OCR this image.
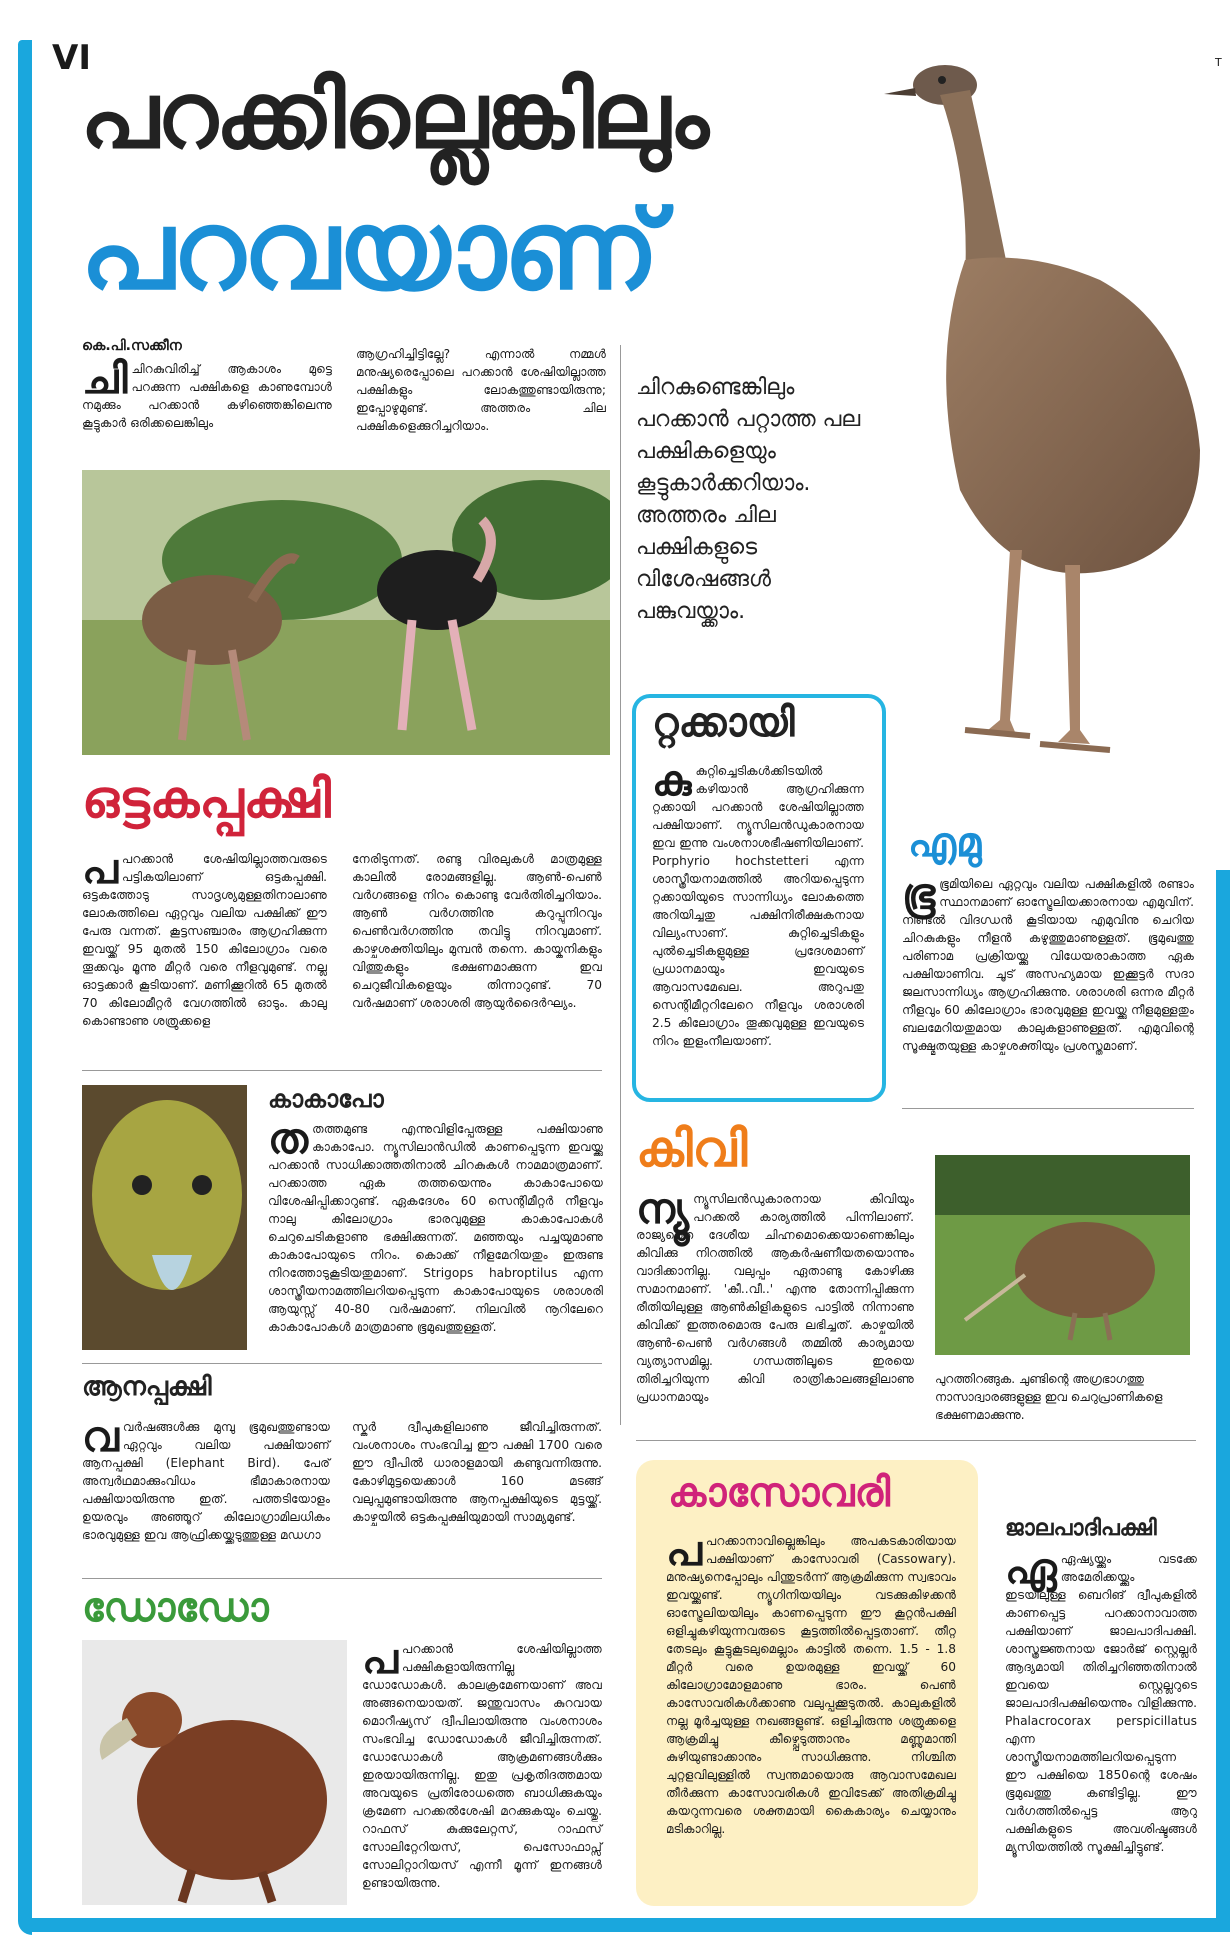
VI	T
പറക്കില്ലെങ്കിലും
പറവയാണ്
കെ.പി.സക്കീന
ചിചിറകുവിരിച്ച് ആകാശം മുട്ടെ പറക്കുന്ന പക്ഷികളെ കാണുമ്പോൾ നമുക്കും പറക്കാൻ കഴിഞ്ഞെങ്കിലെന്നു കൂട്ടുകാർ ഒരിക്കലെങ്കിലും
ആഗ്രഹിച്ചിട്ടില്ലേ? എന്നാൽ നമ്മൾ മനുഷ്യരെപ്പോലെ പറക്കാൻ ശേഷിയില്ലാത്ത പക്ഷികളും ലോകത്തുണ്ടായിരുന്നു; ഇപ്പോഴുമുണ്ട്. അത്തരം ചില പക്ഷികളെക്കുറിച്ചറിയാം.
ചിറകുണ്ടെങ്കിലും പറക്കാൻ പറ്റാത്ത പല പക്ഷികളെയും കൂട്ടുകാർക്കറിയാം. അത്തരം ചില പക്ഷികളുടെ വിശേഷങ്ങൾ പങ്കുവയ്ക്കാം.
ഒട്ടകപ്പക്ഷി
പപറക്കാൻ ശേഷിയില്ലാത്തവരുടെ പട്ടികയിലാണ് ഒട്ടകപ്പക്ഷി. ഒട്ടകത്തോടു സാദൃശ്യമുള്ളതിനാലാണു ലോകത്തിലെ ഏറ്റവും വലിയ പക്ഷിക്ക് ഈ പേരു വന്നത്. കൂട്ടസഞ്ചാരം ആഗ്രഹിക്കുന്ന ഇവയ്ക്ക് 95 മുതൽ 150 കിലോഗ്രാം വരെ തൂക്കവും മൂന്നു മീറ്റർ വരെ നീളവുമുണ്ട്. നല്ല ഓട്ടക്കാർ കൂടിയാണ്. മണിക്കൂറിൽ 65 മുതൽ 70 കിലോമീറ്റർ വേഗത്തിൽ ഓടും. കാലു കൊണ്ടാണു ശത്രുക്കളെ
നേരിടുന്നത്. രണ്ടു വിരലുകൾ മാത്രമുള്ള കാലിൽ രോമങ്ങളില്ല. ആൺ-പെൺ വർഗങ്ങളെ നിറം കൊണ്ടു വേർതിരിച്ചറിയാം. ആൺ വർഗത്തിനു കറുപ്പുനിറവും പെൺവർഗത്തിനു തവിട്ടു നിറവുമാണ്. കാഴ്ചശക്തിയിലും മുമ്പൻ തന്നെ. കായ്കനികളും വിത്തുകളും ഭക്ഷണമാക്കുന്ന ഇവ ചെറുജീവികളെയും തിന്നാറുണ്ട്. 70 വർഷമാണ് ശരാശരി ആയുർദൈർഘ്യം.
റ്റക്കായി
കുകുറ്റിച്ചെടികൾക്കിടയിൽ കഴിയാൻ ആഗ്രഹിക്കുന്ന റ്റക്കായി പറക്കാൻ ശേഷിയില്ലാത്ത പക്ഷിയാണ്. ന്യൂസിലൻഡുകാരനായ ഇവ ഇന്നു വംശനാശഭീഷണിയിലാണ്. Porphyrio hochstetteri എന്ന ശാസ്ത്രീയനാമത്തിൽ അറിയപ്പെടുന്ന റ്റക്കായിയുടെ സാന്നിധ്യം ലോകത്തെ അറിയിച്ചതു പക്ഷിനിരീക്ഷകനായ വില്യംസാണ്. കുറ്റിച്ചെടികളും പുൽച്ചെടികളുമുള്ള പ്രദേശമാണ് പ്രധാനമായും ഇവയുടെ ആവാസമേഖല. അറുപതു സെന്റിമീറ്ററിലേറെ നീളവും ശരാശരി 2.5 കിലോഗ്രാം തൂക്കവുമുള്ള ഇവയുടെ നിറം ഇളംനീലയാണ്.
എമു
ഭൂഭൂമിയിലെ ഏറ്റവും വലിയ പക്ഷികളിൽ രണ്ടാം സ്ഥാനമാണ് ഓസ്ട്രേലിയക്കാരനായ എമുവിന്. നീണ്ടൽ വിദഗ്ധൻ കൂടിയായ എമുവിനു ചെറിയ ചിറകുകളും നീളൻ കഴുത്തുമാണുള്ളത്. ഭൂമുഖത്തു പരിണാമ പ്രക്രിയയ്ക്കു വിധേയരാകാത്ത ഏക പക്ഷിയാണിവ. ചൂട് അസഹ്യമായ ഇക്കൂട്ടർ സദാ ജലസാന്നിധ്യം ആഗ്രഹിക്കുന്നു. ശരാശരി ഒന്നര മീറ്റർ നീളവും 60 കിലോഗ്രാം ഭാരവുമുള്ള ഇവയ്ക്കു നീളമുള്ളതും ബലമേറിയതുമായ കാലുകളാണുള്ളത്. എമുവിന്റെ സൂക്ഷ്മതയുള്ള കാഴ്ചശക്തിയും പ്രശസ്തമാണ്.
കാകാപോ
തതത്തമുണ്ട എന്നുവിളിപ്പേരുള്ള പക്ഷിയാണു കാകാപോ. ന്യൂസിലാൻഡിൽ കാണപ്പെടുന്ന ഇവയ്ക്കു പറക്കാൻ സാധിക്കാത്തതിനാൽ ചിറകുകൾ നാമമാത്രമാണ്. പറക്കാത്ത ഏക തത്തയെന്നും കാകാപോയെ വിശേഷിപ്പിക്കാറുണ്ട്. ഏകദേശം 60 സെന്റിമീറ്റർ നീളവും നാലു കിലോഗ്രാം ഭാരവുമുള്ള കാകാപോകൾ ചെറുചെടികളാണു ഭക്ഷിക്കുന്നത്. മഞ്ഞയും പച്ചയുമാണു കാകാപോയുടെ നിറം. കൊക്ക് നീളമേറിയതും ഇരുണ്ട നിറത്തോടുകൂടിയതുമാണ്. Strigops habroptilus എന്ന ശാസ്ത്രീയനാമത്തിലറിയപ്പെടുന്ന കാകാപോയുടെ ശരാശരി ആയുസ്സ് 40-80 വർഷമാണ്. നിലവിൽ നൂറിലേറെ കാകാപോകൾ മാത്രമാണു ഭൂമുഖത്തുള്ളത്.
ആനപ്പക്ഷി
വവർഷങ്ങൾക്കു മുമ്പു ഭൂമുഖത്തുണ്ടായ ഏറ്റവും വലിയ പക്ഷിയാണ് ആനപ്പക്ഷി (Elephant Bird). പേര് അന്വർഥമാക്കുംവിധം ഭീമാകാരനായ പക്ഷിയായിരുന്നു ഇത്. പത്തടിയോളം ഉയരവും അഞ്ഞൂറ് കിലോഗ്രാമിലധികം ഭാരവുമുള്ള ഇവ ആഫ്രിക്കയ്ക്കടുത്തുള്ള മഡഗാ
സ്കർ ദ്വീപുകളിലാണു ജീവിച്ചിരുന്നത്. വംശനാശം സംഭവിച്ച ഈ പക്ഷി 1700 വരെ ഈ ദ്വീപിൽ ധാരാളമായി കണ്ടുവന്നിരുന്നു. കോഴിമുട്ടയെക്കാൾ 160 മടങ്ങ് വലുപ്പമുണ്ടായിരുന്നു ആനപ്പക്ഷിയുടെ മുട്ടയ്ക്ക്. കാഴ്ചയിൽ ഒട്ടകപ്പക്ഷിയുമായി സാമ്യമുണ്ട്.
കിവി
ന്യൂ ന്യൂസിലൻഡുകാരനായ കിവിയും പറക്കൽ കാര്യത്തിൽ പിന്നിലാണ്. രാജ്യത്തെ ദേശീയ ചിഹ്നമൊക്കെയാണെങ്കിലും കിവിക്കു നിറത്തിൽ ആകർഷണീയതയൊന്നും വാദിക്കാനില്ല. വലുപ്പം ഏതാണ്ടു കോഴിക്കു സമാനമാണ്. 'കീ..വീ..' എന്നു തോന്നിപ്പിക്കുന്ന രീതിയിലുള്ള ആൺകിളികളുടെ പാട്ടിൽ നിന്നാണു കിവിക്ക് ഇത്തരമൊരു പേരു ലഭിച്ചത്. കാഴ്ചയിൽ ആൺ-പെൺ വർഗങ്ങൾ തമ്മിൽ കാര്യമായ വ്യത്യാസമില്ല. ഗന്ധത്തിലൂടെ ഇരയെ തിരിച്ചറിയുന്ന കിവി രാത്രികാലങ്ങളിലാണു പ്രധാനമായും
പുറത്തിറങ്ങുക. ചുണ്ടിന്റെ അഗ്രഭാഗത്തു നാസാദ്വാരങ്ങളുള്ള ഇവ ചെറുപ്രാണികളെ ഭക്ഷണമാക്കുന്നു.
ഡോഡോ
പപറക്കാൻ ശേഷിയില്ലാത്ത പക്ഷികളായിരുന്നില്ല ഡോഡോകൾ. കാലക്രമേണയാണ് അവ അങ്ങനെയായത്. ജന്തുവാസം കുറവായ മൊറീഷ്യസ് ദ്വീപിലായിരുന്നു വംശനാശം സംഭവിച്ച ഡോഡോകൾ ജീവിച്ചിരുന്നത്. ഡോഡോകൾ ആക്രമണങ്ങൾക്കും ഇരയായിരുന്നില്ല. ഇതു പ്രകൃതിദത്തമായ അവയുടെ പ്രതിരോധത്തെ ബാധിക്കുകയും ക്രമേണ പറക്കൽശേഷി മറക്കുകയും ചെയ്തു. റാഫസ് കുക്കുലേറ്റസ്, റാഫസ് സോലിറ്റേറിയസ്, പെസോഫാപ്സ് സോലിറ്റാറിയസ് എന്നീ മൂന്ന് ഇനങ്ങൾ ഉണ്ടായിരുന്നു.
കാസോവരി
പപറക്കാനാവില്ലെങ്കിലും അപകടകാരിയായ പക്ഷിയാണ് കാസോവരി (Cassowary). മനുഷ്യനെപ്പോലും പിന്തുടർന്ന് ആക്രമിക്കുന്ന സ്വഭാവം ഇവയ്ക്കുണ്ട്. ന്യൂഗിനിയയിലും വടക്കുകിഴക്കൻ ഓസ്ട്രേലിയയിലും കാണപ്പെടുന്ന ഈ കൂറ്റൻപക്ഷി ഒളിച്ചുകഴിയുന്നവരുടെ കൂട്ടത്തിൽപ്പെട്ടതാണ്. തീറ്റ തേടലും കൂട്ടുകൂടലുമെല്ലാം കാട്ടിൽ തന്നെ. 1.5 - 1.8 മീറ്റർ വരെ ഉയരമുള്ള ഇവയ്ക്ക് 60 കിലോഗ്രാമോളമാണു ഭാരം. പെൺ കാസോവരികൾക്കാണു വലുപ്പക്കൂടുതൽ. കാലുകളിൽ നല്ല മൂർച്ചയുള്ള നഖങ്ങളുണ്ട്. ഒളിച്ചിരുന്നു ശത്രുക്കളെ ആക്രമിച്ചു കീഴ്പ്പെടുത്താനും മണ്ണുമാന്തി കുഴിയുണ്ടാക്കാനും സാധിക്കുന്നു. നിശ്ചിത ചുറ്റളവിലുള്ളിൽ സ്വന്തമായൊരു ആവാസമേഖല തീർക്കുന്ന കാസോവരികൾ ഇവിടേക്ക് അതിക്രമിച്ചു കയറുന്നവരെ ശക്തമായി കൈകാര്യം ചെയ്യാനും മടികാറില്ല.
ജാലപാദിപക്ഷി
ഏഏഷ്യയ്ക്കും വടക്കേ അമേരിക്കയ്ക്കും ഇടയിലുള്ള ബെറിങ് ദ്വീപുകളിൽ കാണപ്പെട്ട പറക്കാനാവാത്ത പക്ഷിയാണ് ജാലപാദിപക്ഷി. ശാസ്ത്രജ്ഞനായ ജോർജ് സ്റ്റെല്ലർ ആദ്യമായി തിരിച്ചറിഞ്ഞതിനാൽ ഇവയെ സ്റ്റെല്ലറുടെ ജാലപാദിപക്ഷിയെന്നും വിളിക്കുന്നു. Phalacrocorax perspicillatus എന്ന ശാസ്ത്രീയനാമത്തിലറിയപ്പെടുന്ന ഈ പക്ഷിയെ 1850ന്റെ ശേഷം ഭൂമുഖത്തു കണ്ടിട്ടില്ല. ഈ വർഗത്തിൽപ്പെട്ട ആറു പക്ഷികളുടെ അവശിഷ്ടങ്ങൾ മ്യൂസിയത്തിൽ സൂക്ഷിച്ചിട്ടുണ്ട്.
